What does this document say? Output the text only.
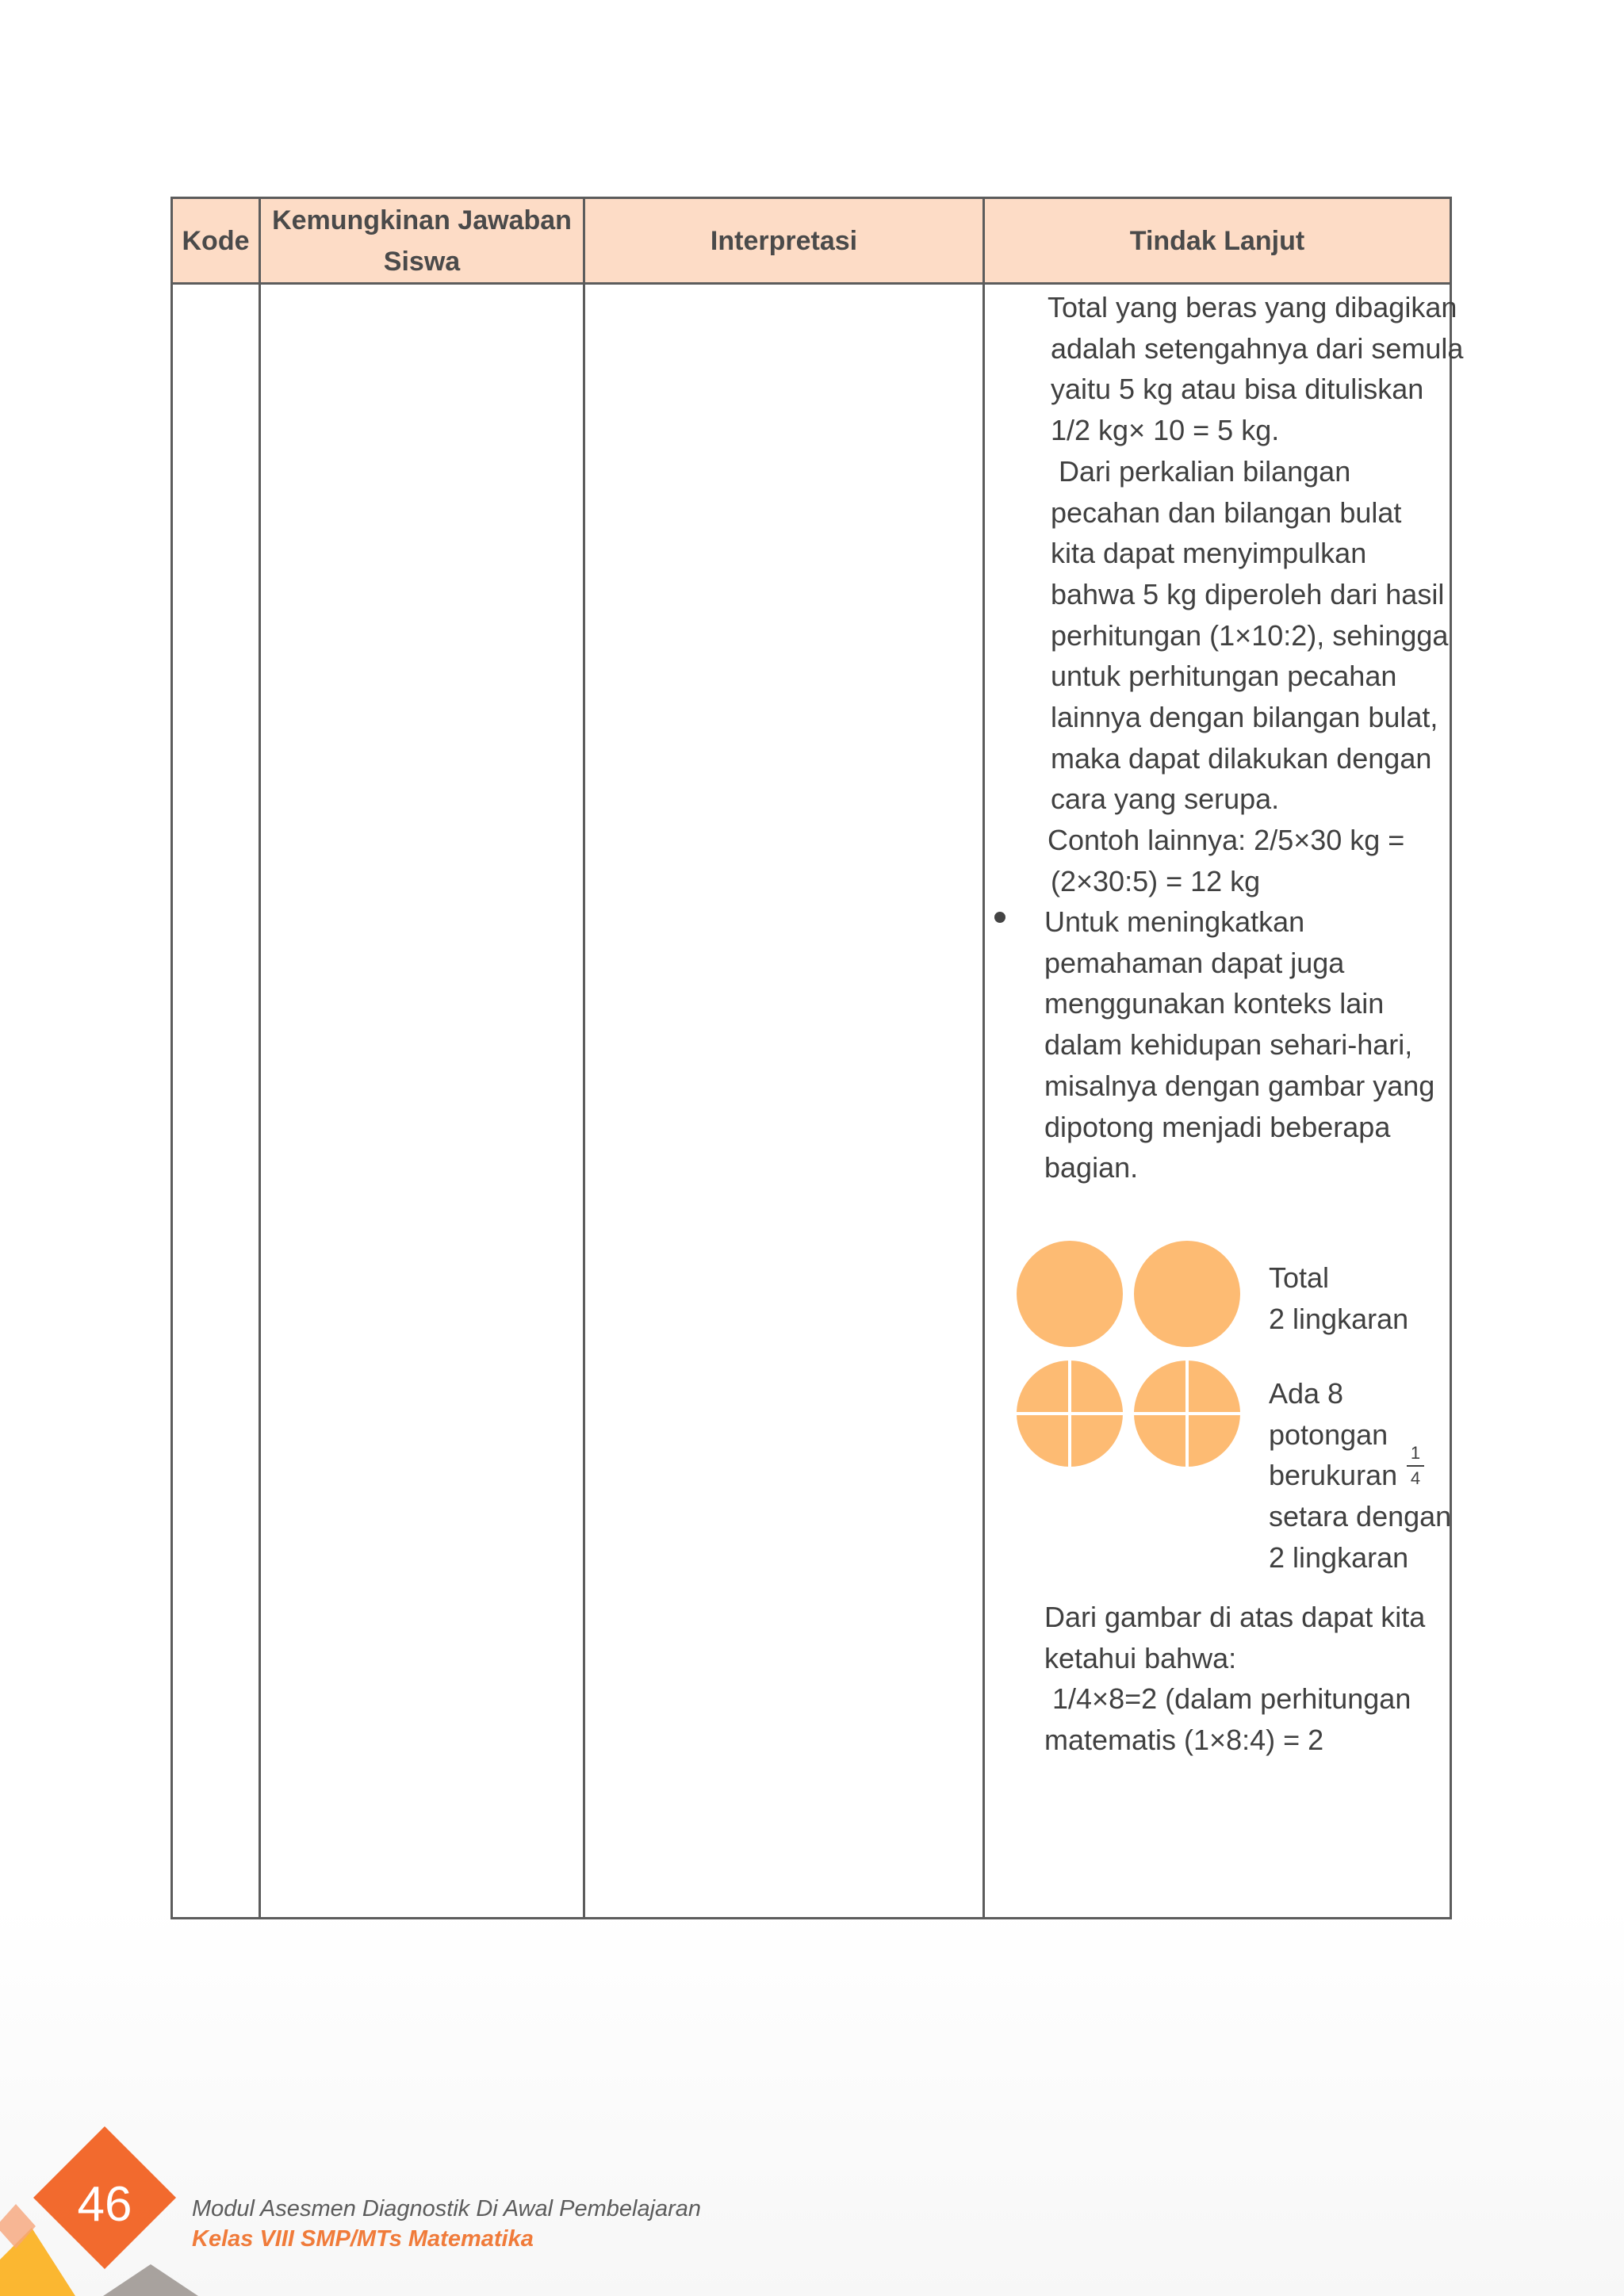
Kode
Kemungkinan Jawaban
Siswa
Interpretasi	Tindak Lanjut
Total yang beras yang dibagikan
adalah setengahnya dari semula
yaitu 5 kg atau bisa dituliskan
1/2 kg× 10 = 5 kg.
Dari perkalian bilangan
pecahan dan bilangan bulat
kita dapat menyimpulkan
bahwa 5 kg diperoleh dari hasil
perhitungan (1×10:2), sehingga
untuk perhitungan pecahan
lainnya dengan bilangan bulat,
maka dapat dilakukan dengan
cara yang serupa.
Contoh lainnya: 2/5×30 kg =
(2×30:5) = 12 kg
Untuk meningkatkan
pemahaman dapat juga
menggunakan konteks lain
dalam kehidupan sehari-hari,
misalnya dengan gambar yang
dipotong menjadi beberapa
bagian.
Total
2 lingkaran
Ada 8
potongan
berukuran
setara dengan
2 lingkaran
1
4
Dari gambar di atas dapat kita
ketahui bahwa:
1/4×8=2 (dalam perhitungan
matematis (1×8:4) = 2
46	Modul Asesmen Diagnostik Di Awal Pembelajaran
Kelas VIII SMP/MTs Matematika
